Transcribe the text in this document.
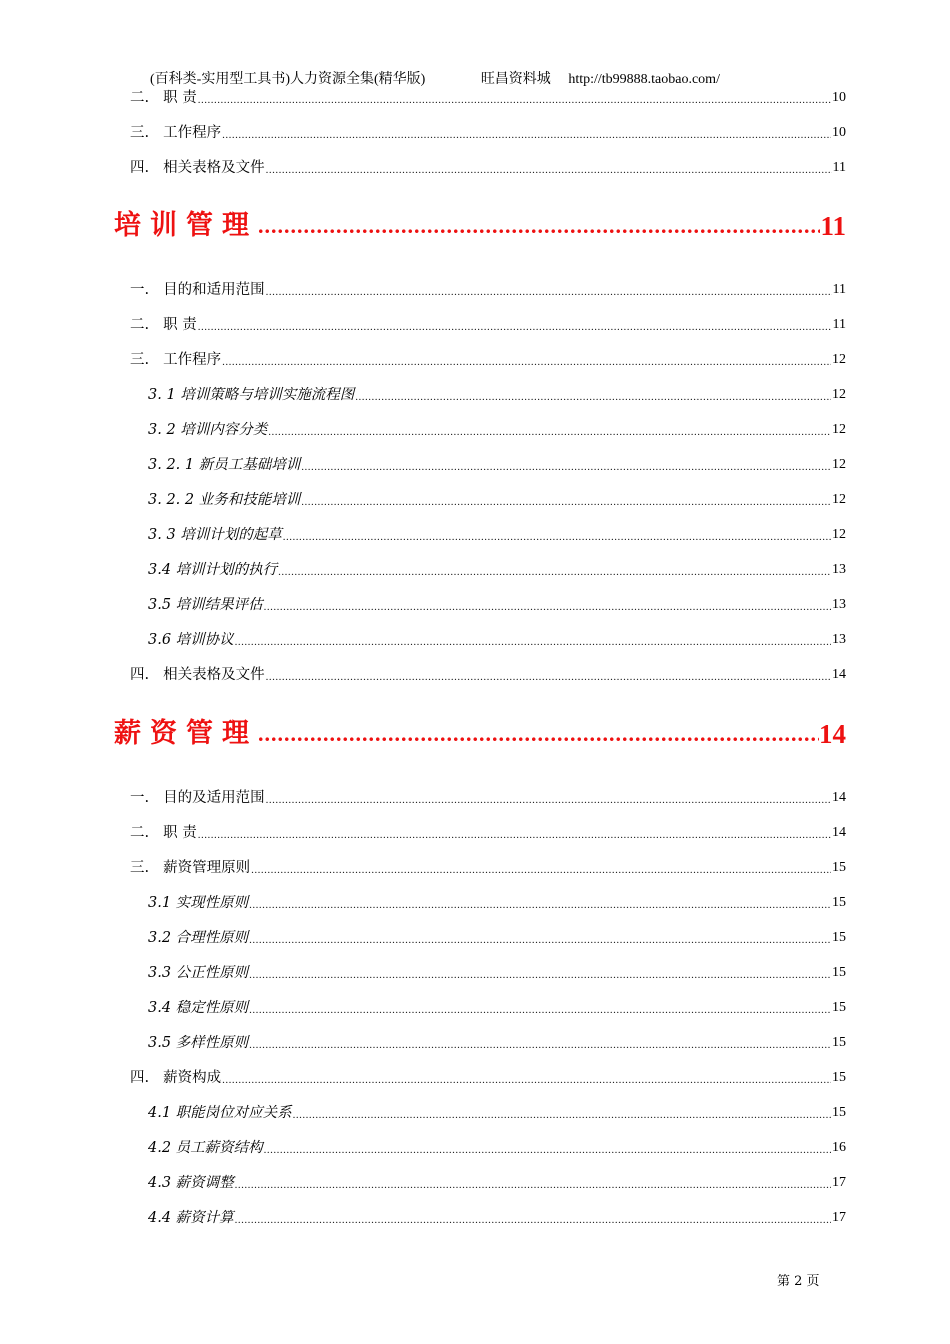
(百科类-实用型工具书)人力资源全集(精华版)	旺昌资料城 http://tb99888.taobao.com/
二. 职 责 .....	10
三. 工作程序 .....	10
四. 相关表格及文件 .....	11
培训管理 .....	11
一. 目的和适用范围 .....	11
二. 职 责 .....	11
三. 工作程序 .....	12
3. 1 培训策略与培训实施流程图 .....	12
3. 2 培训内容分类 .....	12
3. 2. 1 新员工基础培训 .....	12
3. 2. 2 业务和技能培训 .....	12
3. 3 培训计划的起草 .....	12
3.4 培训计划的执行 .....	13
3.5 培训结果评估 .....	13
3.6 培训协议 .....	13
四. 相关表格及文件 .....	14
薪资管理 .....	14
一. 目的及适用范围 .....	14
二. 职 责 .....	14
三. 薪资管理原则 .....	15
3.1 实现性原则 .....	15
3.2 合理性原则 .....	15
3.3 公正性原则 .....	15
3.4 稳定性原则 .....	15
3.5 多样性原则 .....	15
四. 薪资构成 .....	15
4.1 职能岗位对应关系 .....	15
4.2 员工薪资结构 .....	16
4.3 薪资调整 .....	17
4.4 薪资计算 .....	17
第 2 页
